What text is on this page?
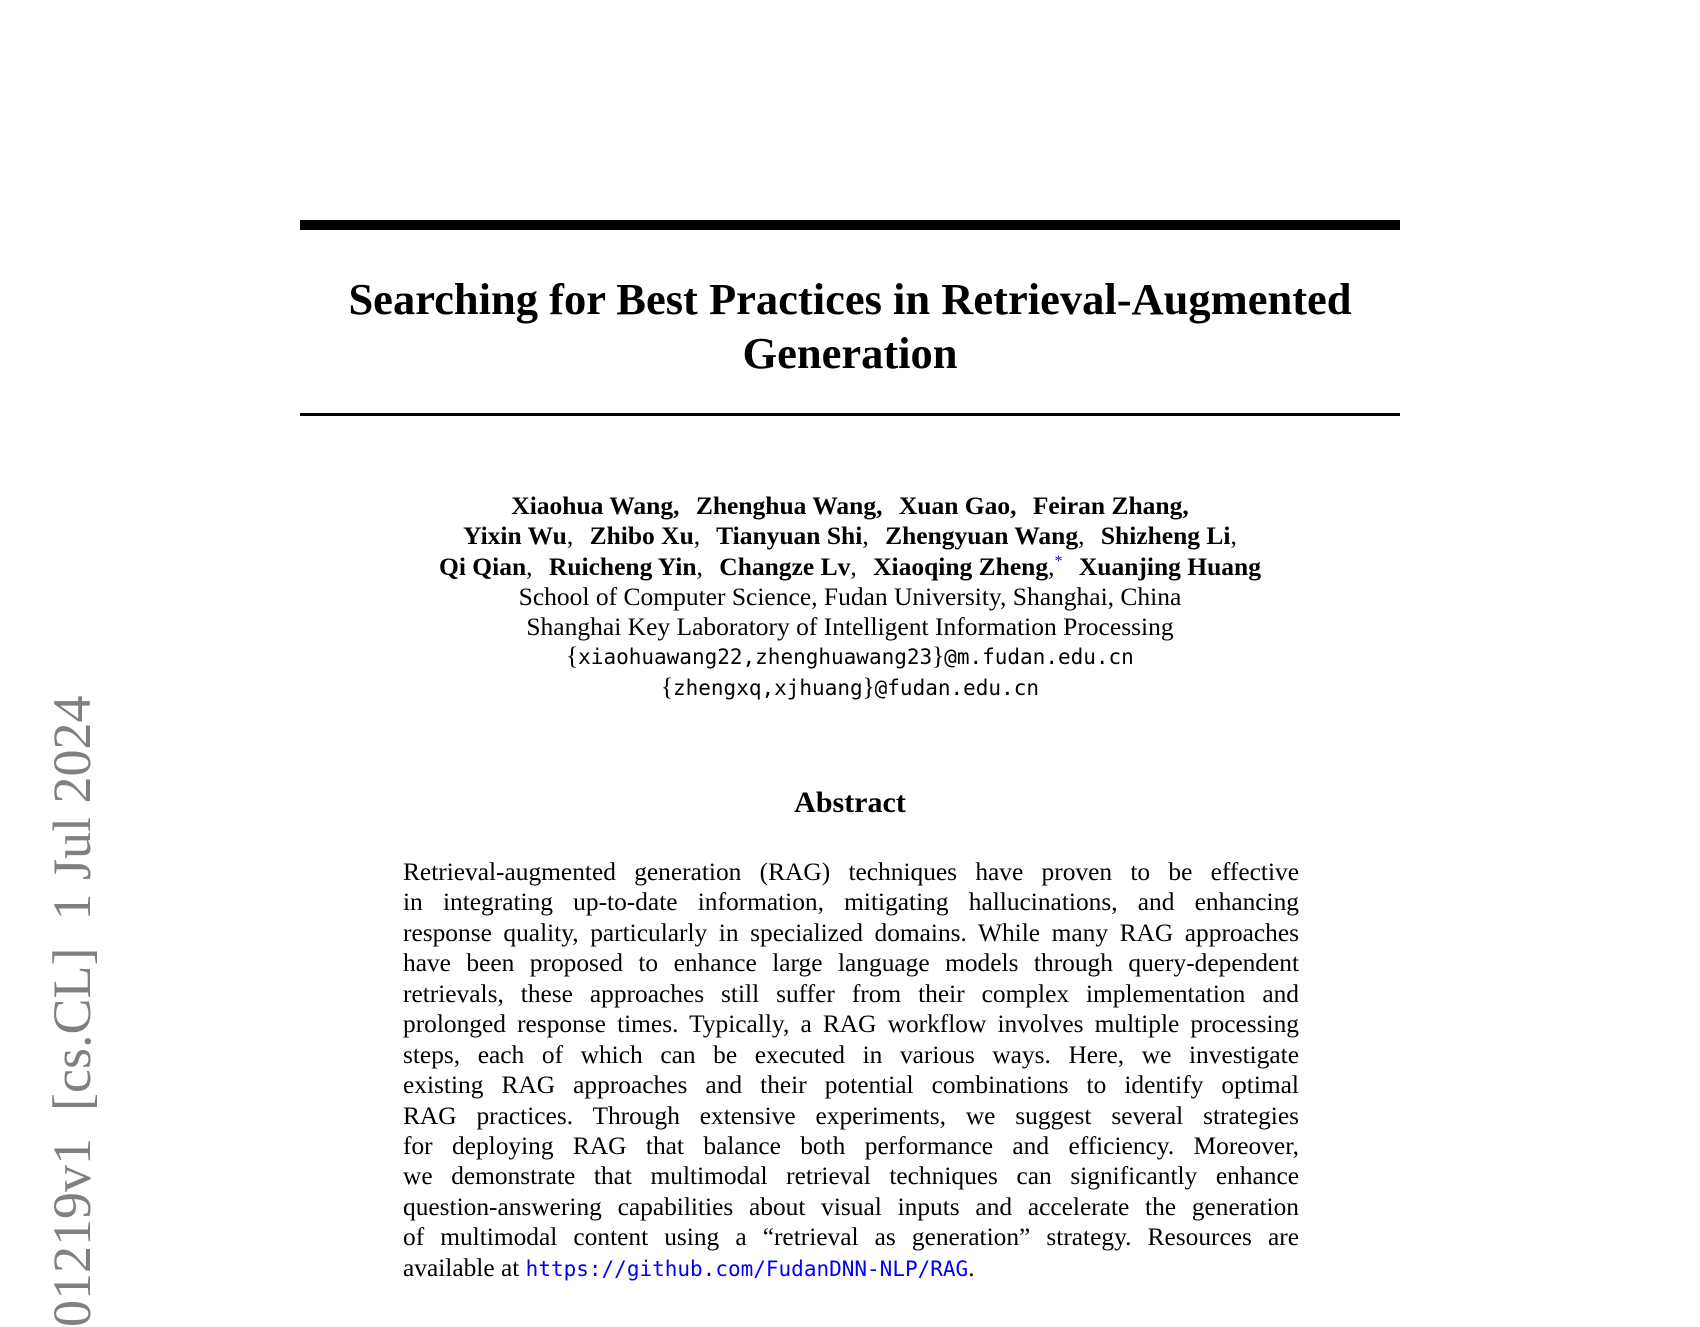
01219v1  [cs.CL]  1 Jul 2024
Searching for Best Practices in Retrieval-Augmented
Generation
Xiaohua Wang, Zhenghua Wang, Xuan Gao, Feiran Zhang,
Yixin Wu, Zhibo Xu, Tianyuan Shi, Zhengyuan Wang, Shizheng Li,
Qi Qian, Ruicheng Yin, Changze Lv, Xiaoqing Zheng,* Xuanjing Huang
School of Computer Science, Fudan University, Shanghai, China
Shanghai Key Laboratory of Intelligent Information Processing
{xiaohuawang22,zhenghuawang23}@m.fudan.edu.cn
{zhengxq,xjhuang}@fudan.edu.cn
Abstract
Retrieval-augmented generation (RAG) techniques have proven to be effective
in integrating up-to-date information, mitigating hallucinations, and enhancing
response quality, particularly in specialized domains. While many RAG approaches
have been proposed to enhance large language models through query-dependent
retrievals, these approaches still suffer from their complex implementation and
prolonged response times. Typically, a RAG workflow involves multiple processing
steps, each of which can be executed in various ways. Here, we investigate
existing RAG approaches and their potential combinations to identify optimal
RAG practices. Through extensive experiments, we suggest several strategies
for deploying RAG that balance both performance and efficiency. Moreover,
we demonstrate that multimodal retrieval techniques can significantly enhance
question-answering capabilities about visual inputs and accelerate the generation
of multimodal content using a “retrieval as generation” strategy. Resources are
available at https://github.com/FudanDNN-NLP/RAG.
